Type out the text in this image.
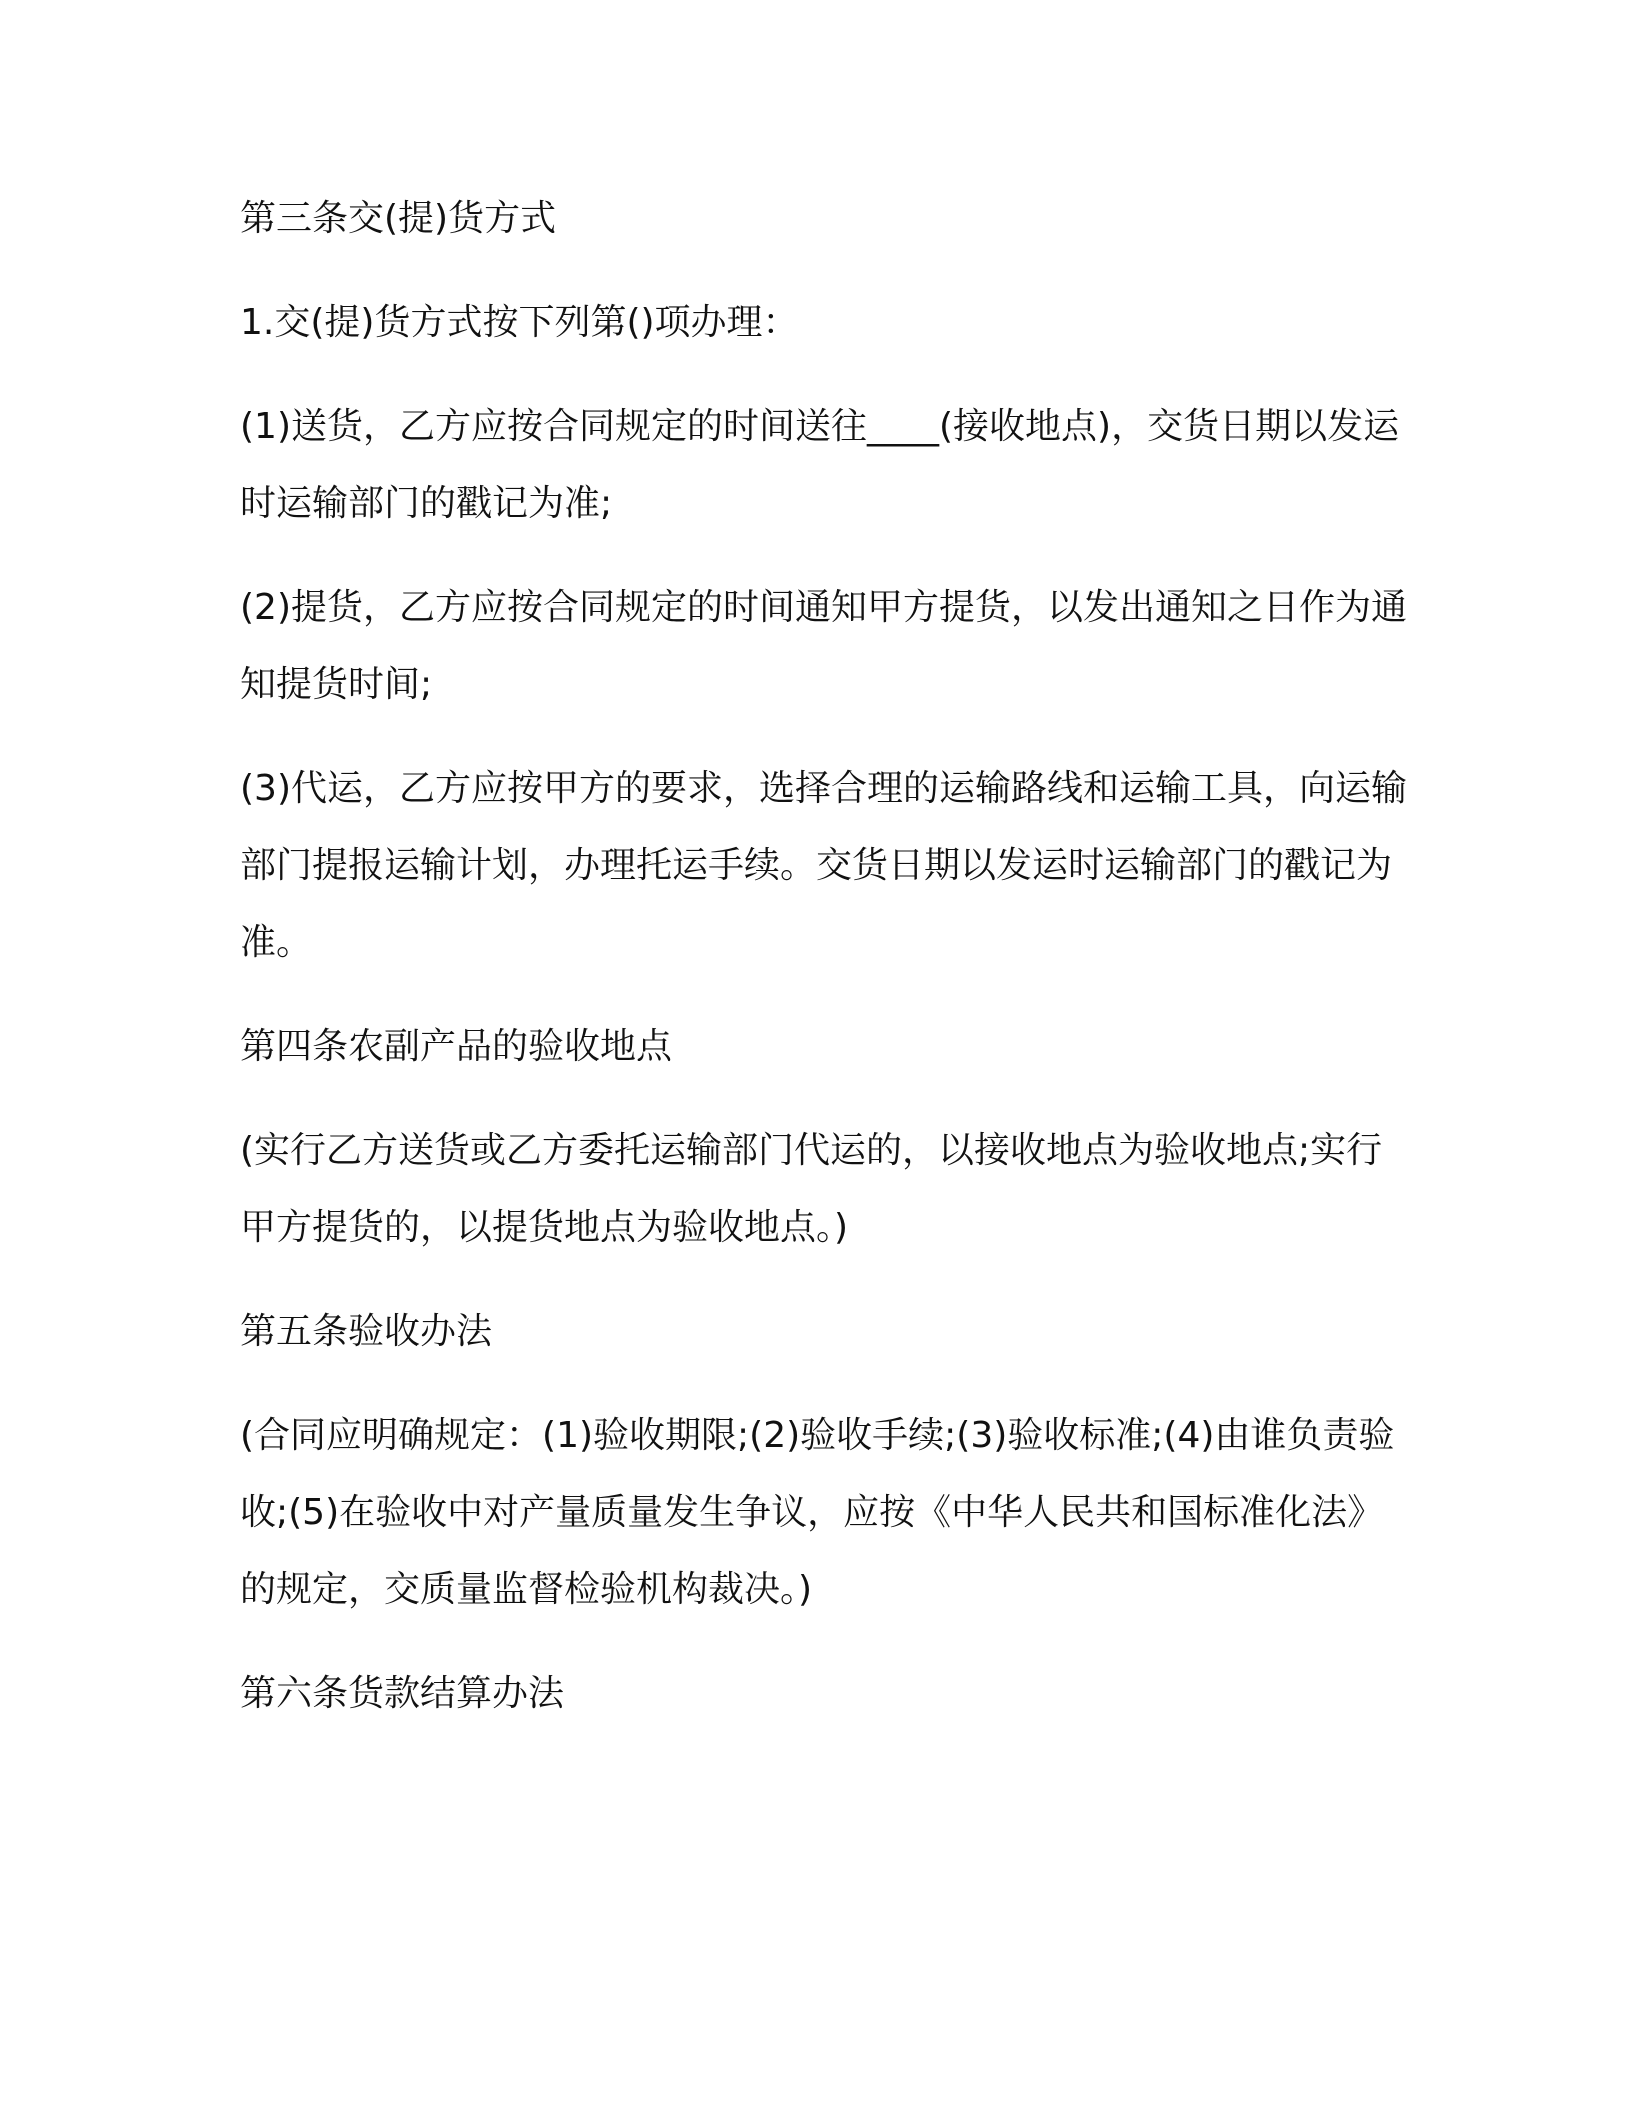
第三条交(提)货方式

1.交(提)货方式按下列第()项办理：

(1)送货，乙方应按合同规定的时间送往____(接收地点)，交货日期以发运时运输部门的戳记为准;

(2)提货，乙方应按合同规定的时间通知甲方提货，以发出通知之日作为通知提货时间;

(3)代运，乙方应按甲方的要求，选择合理的运输路线和运输工具，向运输部门提报运输计划，办理托运手续。交货日期以发运时运输部门的戳记为准。

第四条农副产品的验收地点

(实行乙方送货或乙方委托运输部门代运的，以接收地点为验收地点;实行甲方提货的，以提货地点为验收地点。)

第五条验收办法

(合同应明确规定：(1)验收期限;(2)验收手续;(3)验收标准;(4)由谁负责验收;(5)在验收中对产量质量发生争议，应按《中华人民共和国标准化法》的规定，交质量监督检验机构裁决。)

第六条货款结算办法
